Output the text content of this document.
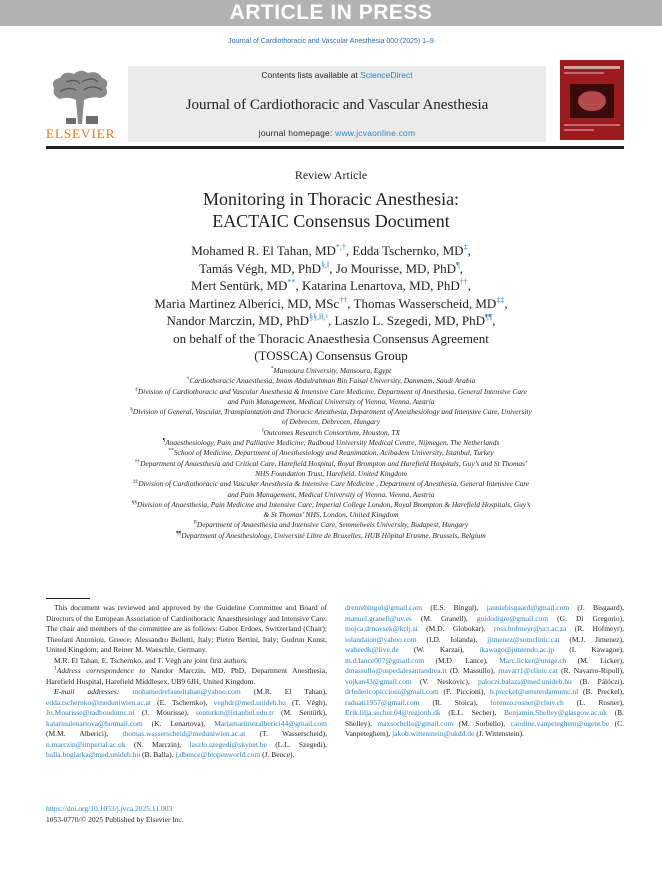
ARTICLE IN PRESS
Journal of Cardiothoracic and Vascular Anesthesia 000 (2025) 1–9
ELSEVIER
Contents lists available at ScienceDirect
Journal of Cardiothoracic and Vascular Anesthesia
journal homepage: www.jcvaonline.com
Review Article
Monitoring in Thoracic Anesthesia:
EACTAIC Consensus Document
Mohamed R. El Tahan, MD*,†, Edda Tschernko, MD‡,
Tamás Végh, MD, PhD§,‖, Jo Mourisse, MD, PhD¶,
Mert Sentürk, MD**, Katarina Lenartova, MD, PhD††,
Maria Martinez Alberici, MD, MSc††, Thomas Wasserscheid, MD‡‡,
Nandor Marczin, MD, PhD$^{\S\S,‖‖,^1}$, Laszlo L. Szegedi, MD, PhD¶¶,
on behalf of the Thoracic Anaesthesia Consensus Agreement
(TOSSCA) Consensus Group
*Mansoura University, Mansoura, Egypt
†Cardiothoracic Anaesthesia, Imam Abdulrahman Bin Faisal University, Dammam, Saudi Arabia
‡Division of Cardiothoracic and Vascular Anesthesia & Intensive Care Medicine, Department of Anesthesia, General Intensive Care and Pain Management, Medical University of Vienna, Vienna, Austria
§Division of General, Vascular, Transplantation and Thoracic Anesthesia, Department of Anesthesiology and Intensive Care, University of Debrecen, Debrecen, Hungary
‖Outcomes Research Consortium, Houston, TX
¶Anaesthesiology, Pain and Palliative Medicine, Radboud University Medical Centre, Nijmegen, The Netherlands
**School of Medicine, Department of Anesthesiology and Reanimation, Acibadem University, Istanbul, Turkey
††Department of Anaesthesia and Critical Care, Harefield Hospital, Royal Brompton and Harefield Hospitals, Guy’s and St Thomas’ NHS Foundation Trust, Harefield, United Kingdom
‡‡Division of Cardiothoracic and Vascular Anesthesia & Intensive Care Medicine , Department of Anesthesia, General Intensive Care and Pain Management, Medical University of Vienna, Vienna, Austria
§§Division of Anaesthesia, Pain Medicine and Intensive Care, Imperial College London, Royal Brompton & Harefield Hospitals, Guy’s & St Thomas’ NHS, London, United Kingdom
‖‖Department of Anaesthesia and Intensive Care, Semmelweis University, Budapest, Hungary
¶¶Department of Anesthesiology, Université Libre de Bruxelles, HUB Hôpital Erasme, Brussels, Belgium

This document was reviewed and approved by the Guideline Committee and Board of Directors of the European Association of Cardiothoracic Anaesthesiology and Intensive Care. The chair and members of the committee are as follows: Gabor Erdoes, Switzerland (Chair); Theofani Antoniou, Greece; Alessandro Belletti, Italy; Pietro Bertini, Italy; Gudrun Kunst, United Kingdom; and Reiner M. Waeschle, Germany.

M.R. El Tahan, E. Tschernko, and T. Végh are joint first authors.

$^1$Address correspondence to Nandor Marczin, MD, PhD, Department Anesthesia, Harefield Hospital, Harefield Middlesex, UB9 6JH, United Kingdom.

E-mail addresses: mohamedrefaateltahan@yahoo.com (M.R. El Tahan), edda.tschernko@meduniwien.ac.at (E. Tschernko), veghdr@med.unideb.hu (T. Végh), Jo.Mourisse@radboudumc.nl (J. Mourisse), senturkm@istanbul.edu.tr (M. Sentürk), katarinalenartova@hotmail.com (K. Lenartova), Mariamartinezalberici44@gmail.com (M.M. Alberici), thomas.wasserscheid@meduniwien.ac.at (T. Wasserscheid), n.marczin@imperial.ac.uk (N. Marczin), laszlo.szegedi@skynet.be (L.L. Szegedi), balla.boglarka@med.unideb.hu (B. Balla), j.dbence@btopenworld.com (J. Bence),

drenrebingul@gmail.com (E.S. Bingul), janniebisgaard@gmail.com (J. Bisgaard), manuel.granell@uv.es (M. Granell), guidodigre@gmail.com (G. Di Gregorio), mojca.drnovsek@kclj.si (M.D. Globokar), ross.hofmeyr@uct.ac.za (R. Hofmeyr), iolandaion@yahoo.com (I.D. Iolanda), jjimenez@somclinic.cat (M.J. Jimenez), waheedk@live.de (W. Karzai), ikawago@juntendo.ac.jp (I. Kawagoe), m.d.lance007@gmail.com (M.D. Lance), Marc.licker@unige.ch (M. Licker), dmassullo@ospedalesantandrea.it (D. Massullo), rnavarr1@clinic.cat (R. Navarro-Ripoll), vojkan43@gmail.com (V. Neskovic), paloczi.balazs@med.unideb.hu (B. Pálóczi), drfedericopiccioni@gmail.com (F. Piccioni), b.preckel@amsterdamumc.nl (B. Preckel), raduati1957@gmail.com (R. Stoica), lorenzo.rosner@chuv.ch (L. Rosner), Erik.lilja.secher.04@regionh.dk (E.L. Secher), Benjamin.Shelley@glasgow.ac.uk (B. Shelley), maxsorbello@gmail.com (M. Sorbello), caroline.vanpeteghem@ugent.be (C. Vanpeteghem), jakob.wittenstein@ukdd.de (J. Wittenstein).

https://doi.org/10.1053/j.jvca.2025.11.003
1053-0770/© 2025 Published by Elsevier Inc.
